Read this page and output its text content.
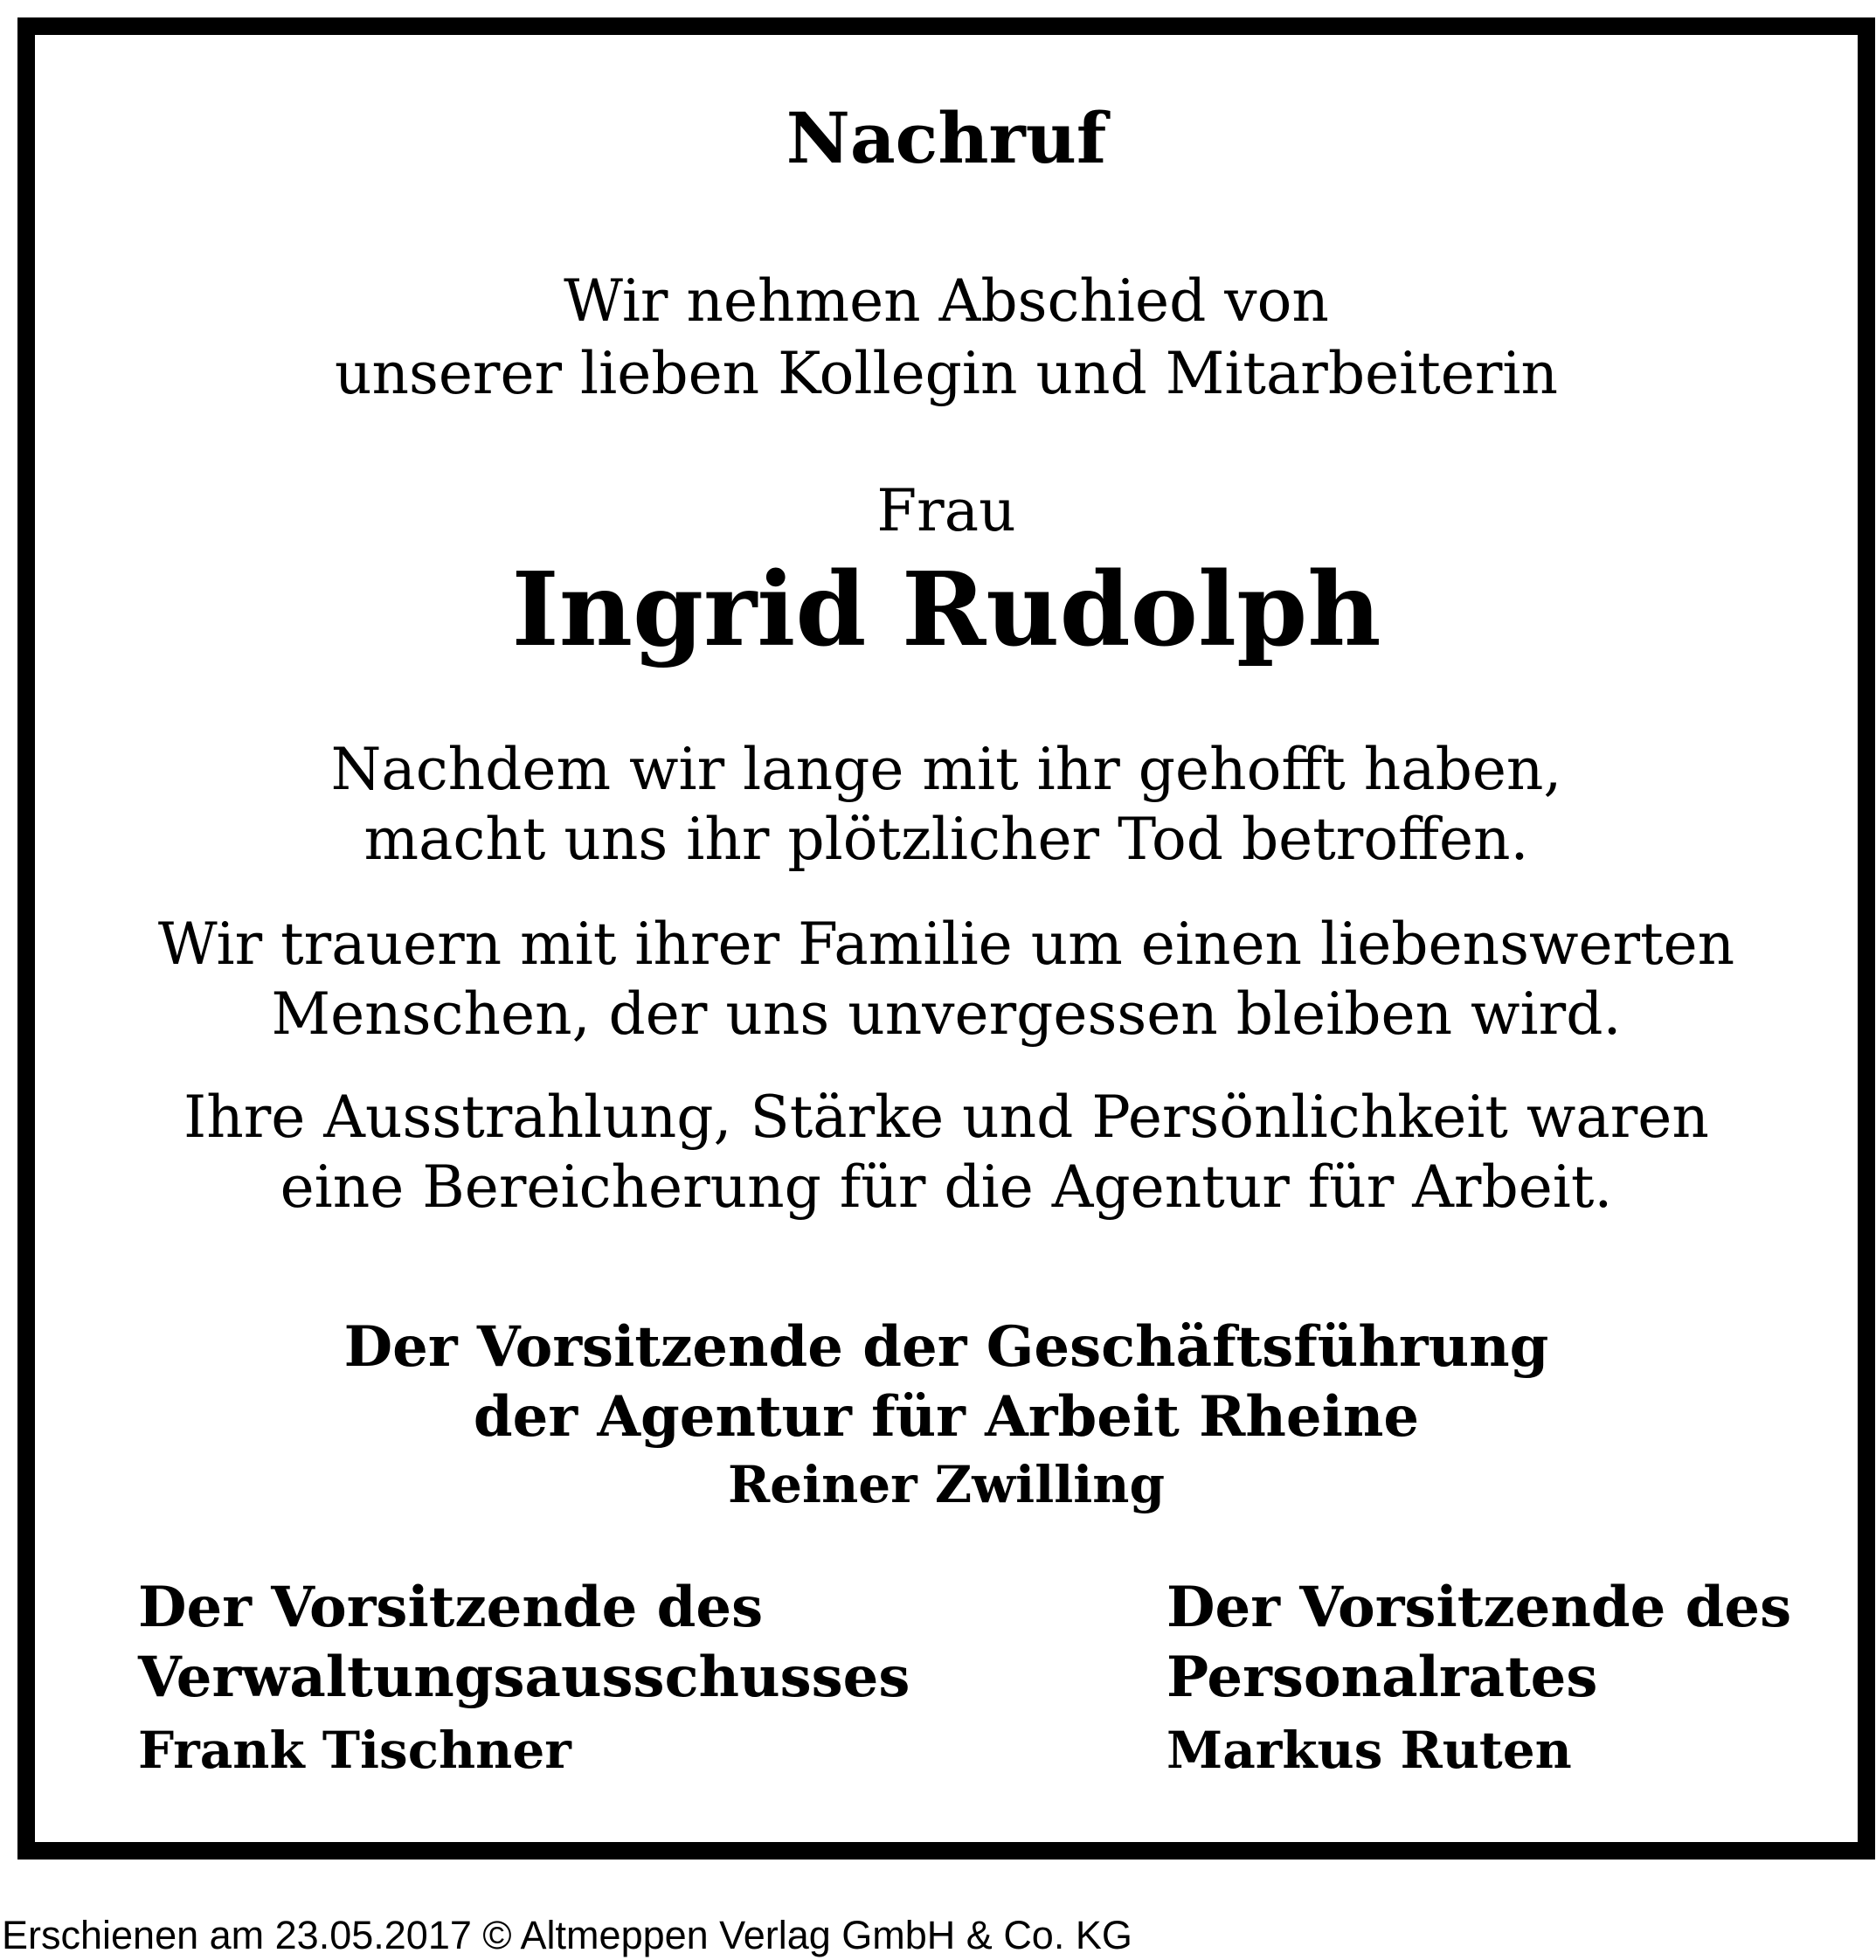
Nachruf
Wir nehmen Abschied von
unserer lieben Kollegin und Mitarbeiterin
Frau
Ingrid Rudolph
Nachdem wir lange mit ihr gehofft haben,
macht uns ihr plötzlicher Tod betroffen.
Wir trauern mit ihrer Familie um einen liebenswerten
Menschen, der uns unvergessen bleiben wird.
Ihre Ausstrahlung, Stärke und Persönlichkeit waren
eine Bereicherung für die Agentur für Arbeit.
Der Vorsitzende der Geschäftsführung
der Agentur für Arbeit Rheine
Reiner Zwilling
Der Vorsitzende des
Verwaltungsausschusses
Frank Tischner
Der Vorsitzende des
Personalrates
Markus Ruten
Erschienen am 23.05.2017 © Altmeppen Verlag GmbH & Co. KG
